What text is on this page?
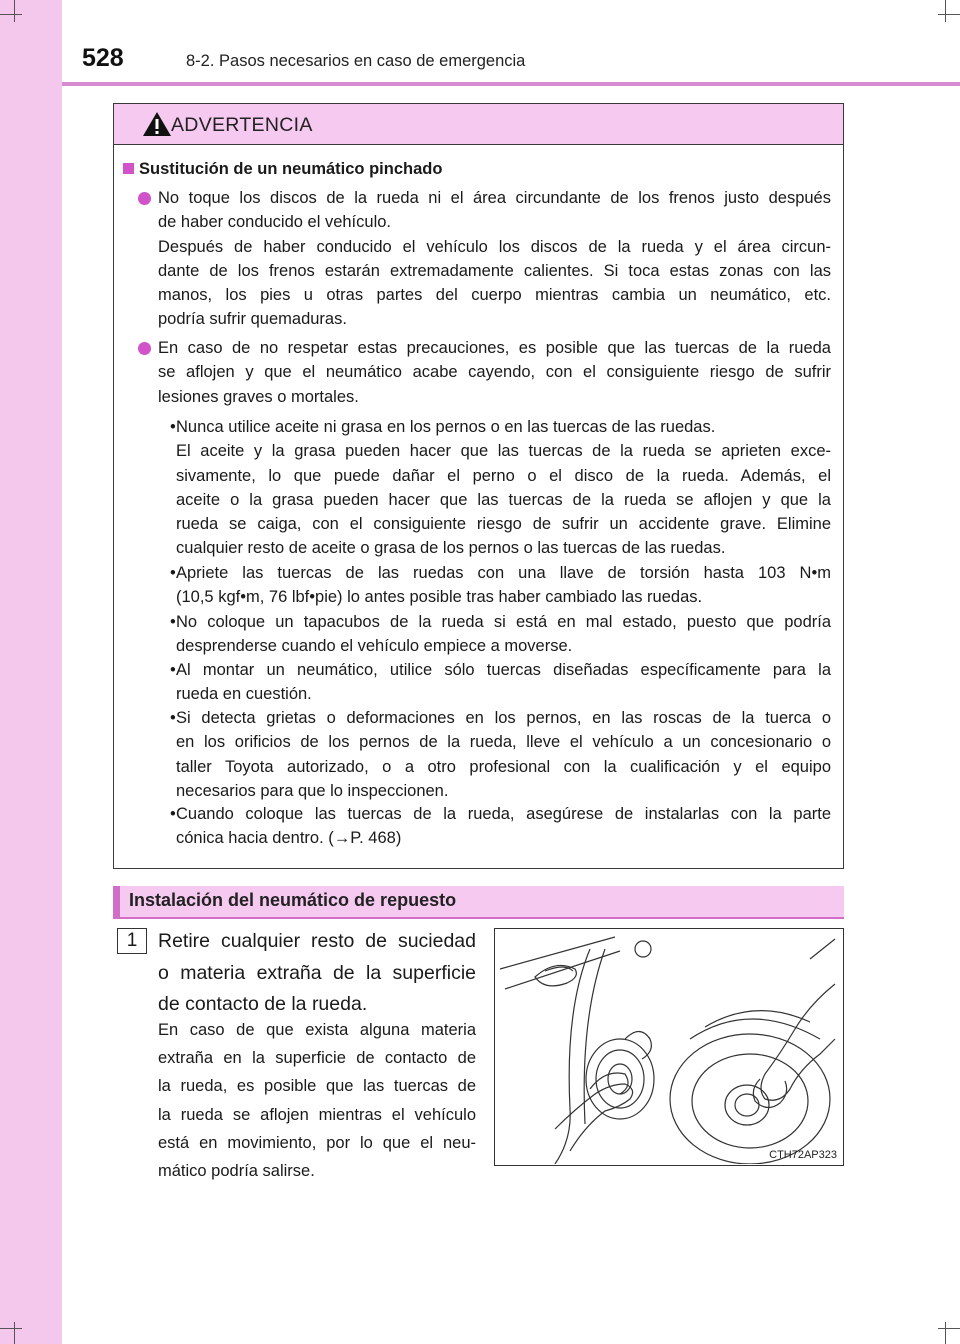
528	8-2. Pasos necesarios en caso de emergencia
ADVERTENCIA
Sustitución de un neumático pinchado
No toque los discos de la rueda ni el área circundante de los frenos justo después
de haber conducido el vehículo.
Después de haber conducido el vehículo los discos de la rueda y el área circun-
dante de los frenos estarán extremadamente calientes. Si toca estas zonas con las
manos, los pies u otras partes del cuerpo mientras cambia un neumático, etc.
podría sufrir quemaduras.
En caso de no respetar estas precauciones, es posible que las tuercas de la rueda
se aflojen y que el neumático acabe cayendo, con el consiguiente riesgo de sufrir
lesiones graves o mortales.
• Nunca utilice aceite ni grasa en los pernos o en las tuercas de las ruedas.
El aceite y la grasa pueden hacer que las tuercas de la rueda se aprieten exce-
sivamente, lo que puede dañar el perno o el disco de la rueda. Además, el
aceite o la grasa pueden hacer que las tuercas de la rueda se aflojen y que la
rueda se caiga, con el consiguiente riesgo de sufrir un accidente grave. Elimine
cualquier resto de aceite o grasa de los pernos o las tuercas de las ruedas.
• Apriete las tuercas de las ruedas con una llave de torsión hasta 103 N•m
(10,5 kgf•m, 76 lbf•pie) lo antes posible tras haber cambiado las ruedas.
• No coloque un tapacubos de la rueda si está en mal estado, puesto que podría
desprenderse cuando el vehículo empiece a moverse.
• Al montar un neumático, utilice sólo tuercas diseñadas específicamente para la
rueda en cuestión.
• Si detecta grietas o deformaciones en los pernos, en las roscas de la tuerca o
en los orificios de los pernos de la rueda, lleve el vehículo a un concesionario o
taller Toyota autorizado, o a otro profesional con la cualificación y el equipo
necesarios para que lo inspeccionen.
• Cuando coloque las tuercas de la rueda, asegúrese de instalarlas con la parte
cónica hacia dentro. (→P. 468)
Instalación del neumático de repuesto
1	Retire cualquier resto de suciedad
o materia extraña de la superficie
de contacto de la rueda.
En caso de que exista alguna materia
extraña en la superficie de contacto de
la rueda, es posible que las tuercas de
la rueda se aflojen mientras el vehículo
está en movimiento, por lo que el neu-
mático podría salirse.
CTH72AP323
